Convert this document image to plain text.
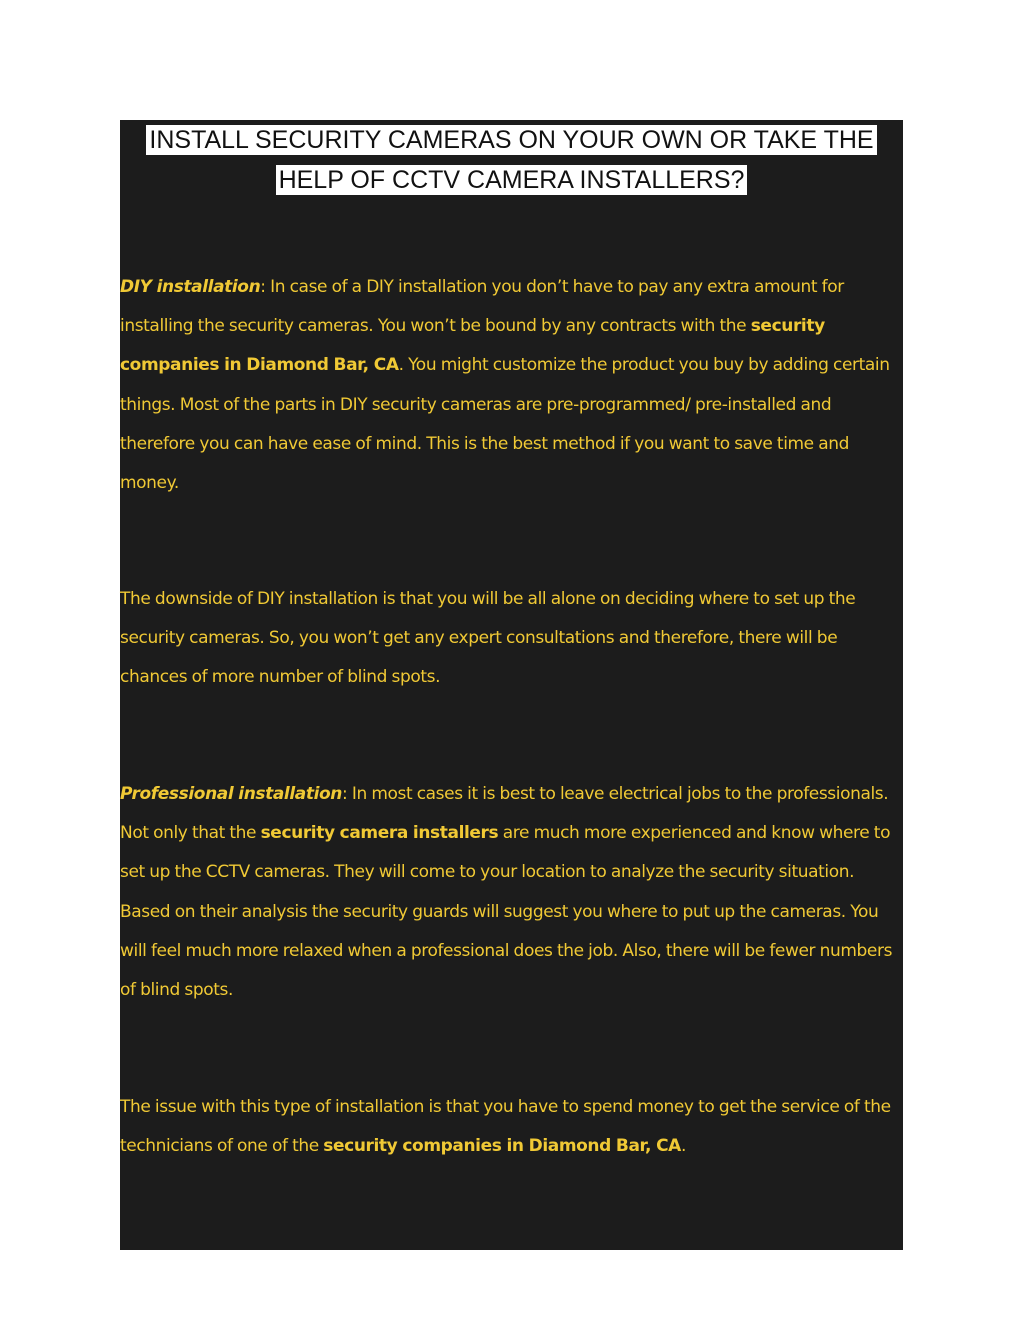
INSTALL SECURITY CAMERAS ON YOUR OWN OR TAKE THE
HELP OF CCTV CAMERA INSTALLERS?

DIY installation: In case of a DIY installation you don’t have to pay any extra amount for installing the security cameras. You won’t be bound by any contracts with the security companies in Diamond Bar, CA. You might customize the product you buy by adding certain things. Most of the parts in DIY security cameras are pre-programmed/ pre-installed and therefore you can have ease of mind. This is the best method if you want to save time and money.

The downside of DIY installation is that you will be all alone on deciding where to set up the security cameras. So, you won’t get any expert consultations and therefore, there will be chances of more number of blind spots.

Professional installation: In most cases it is best to leave electrical jobs to the professionals. Not only that the security camera installers are much more experienced and know where to set up the CCTV cameras. They will come to your location to analyze the security situation. Based on their analysis the security guards will suggest you where to put up the cameras. You will feel much more relaxed when a professional does the job. Also, there will be fewer numbers of blind spots.

The issue with this type of installation is that you have to spend money to get the service of the technicians of one of the security companies in Diamond Bar, CA.
